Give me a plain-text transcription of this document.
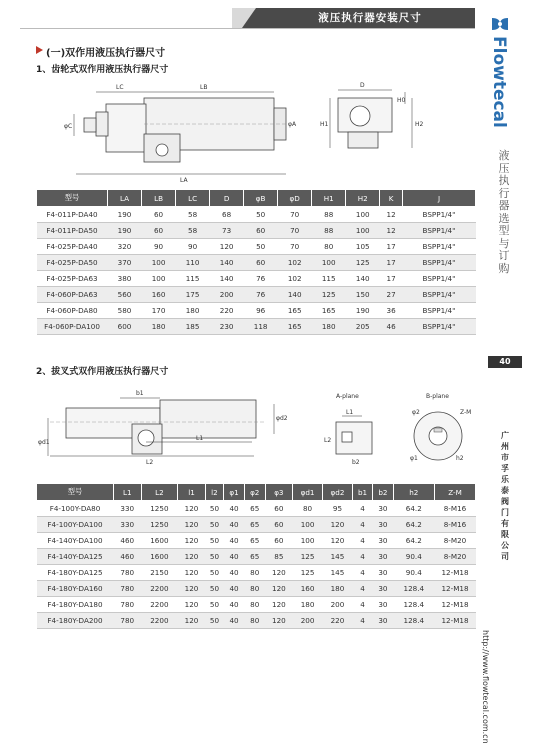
液压执行器安装尺寸
Flowtecal
液
压
执
行
器
选
型
与
订
购
40
广
州
市
孚
乐
泰
阀
门
有
限
公
司
http://www.flowtecal.com.cn
(一)双作用液压执行器尺寸
1、齿轮式双作用液压执行器尺寸
LC	LB
LA
φC	φA
D
H0
H1	H2
型号	LA	LB	LC	D	φB	φD	H1	H2	K	J
F4-011P-DA40	190	60	58	68	50	70	88	100	12	BSPP1/4"
F4-011P-DA50	190	60	58	73	60	70	88	100	12	BSPP1/4"
F4-025P-DA40	320	90	90	120	50	70	80	105	17	BSPP1/4"
F4-025P-DA50	370	100	110	140	60	102	100	125	17	BSPP1/4"
F4-025P-DA63	380	100	115	140	76	102	115	140	17	BSPP1/4"
F4-060P-DA63	560	160	175	200	76	140	125	150	27	BSPP1/4"
F4-060P-DA80	580	170	180	220	96	165	165	190	36	BSPP1/4"
F4-060P-DA100	600	180	185	230	118	165	180	205	46	BSPP1/4"
2、拔叉式双作用液压执行器尺寸
b1
L1
L2
φd1
φd2
A-plane
L1
L2
b2
B-plane
φ2	Z-M
φ1	h2
型号	L1	L2	l1	l2	φ1	φ2	φ3	φd1	φd2	b1	b2	h2	Z-M
F4-100Y-DA80	330	1250	120	50	40	65	60	80	95	4	30	64.2	8-M16
F4-100Y-DA100	330	1250	120	50	40	65	60	100	120	4	30	64.2	8-M16
F4-140Y-DA100	460	1600	120	50	40	65	60	100	120	4	30	64.2	8-M20
F4-140Y-DA125	460	1600	120	50	40	65	85	125	145	4	30	90.4	8-M20
F4-180Y-DA125	780	2150	120	50	40	80	120	125	145	4	30	90.4	12-M18
F4-180Y-DA160	780	2200	120	50	40	80	120	160	180	4	30	128.4	12-M18
F4-180Y-DA180	780	2200	120	50	40	80	120	180	200	4	30	128.4	12-M18
F4-180Y-DA200	780	2200	120	50	40	80	120	200	220	4	30	128.4	12-M18
